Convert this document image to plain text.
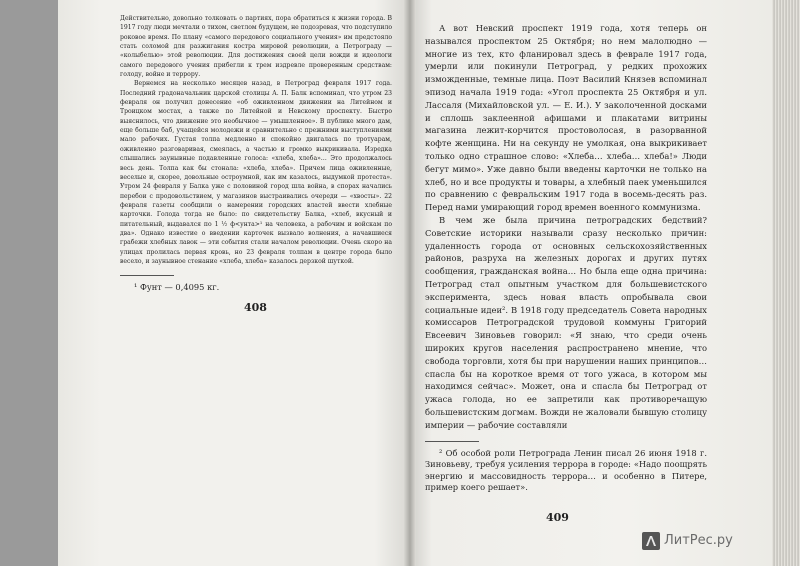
Действительно, довольно толковать о партиях, пора обратиться к жизни города. В 1917 году люди мечтали о тихом, светлом будущем, не подозревая, что подступило роковое время. По плану «самого передового социального учения» им предстояло стать соломой для разжигания костра мировой революции, а Петрограду — «колыбелью» этой революции. Для достижения своей цели вожди и идеологи самого передового учения прибегли к трем издревле проверенным средствам: голоду, войне и террору.

Вернемся на несколько месяцев назад, в Петроград февраля 1917 года. Последний градоначальник царской столицы А. П. Балк вспоминал, что утром 23 февраля он получил донесение «об оживленном движении на Литейном и Троицком мостах, а также по Литейной и Невскому проспекту. Быстро выяснилось, что движение это необычное — умышленное». В публике много дам, еще больше баб, учащейся молодежи и сравнительно с прежними выступлениями мало рабочих. Густая толпа медленно и спокойно двигалась по тротуарам, оживленно разговаривая, смеялась, а частью и громко выкрикивала. Изредка слышались заунывные подавленные голоса: «хлеба, хлеба»… Это продолжалось весь день. Толпа как бы стонала: «хлеба, хлеба». Причем лица оживленные, веселые и, скорее, довольные остроумной, как им казалось, выдумкой протеста». Утром 24 февраля у Балка уже с половиной город шла война, в спорах начались перебои с продовольствием, у магазинов выстраивались очереди — «хвосты». 22 февраля газеты сообщили о намерении городских властей ввести хлебные карточки. Голода тогда не было: по свидетельству Балка, «хлеб, вкусный и питательный, выдавался по 1 ½ ф<унта>¹ на человека, а рабочим и войскам по два». Однако известие о введении карточек вызвало волнения, а начавшиеся грабежи хлебных лавок — эти события стали началом революции. Очень скоро на улицах пролилась первая кровь, но 23 февраля толпам в центре города было весело, и заунывное стенание «хлеба, хлеба» казалось дерзкой шуткой.

¹ Фунт — 0,4095 кг.

408

А вот Невский проспект 1919 года, хотя теперь он назывался проспектом 25 Октября; но нем малолюдно — многие из тех, кто фланировал здесь в феврале 1917 года, умерли или покинули Петроград, у редких прохожих изможденные, темные лица. Поэт Василий Князев вспоминал эпизод начала 1919 года: «Угол проспекта 25 Октября и ул. Лассаля (Михайловской ул. — Е. И.). У заколоченной досками и сплошь заклеенной афишами и плакатами витрины магазина лежит-корчится простоволосая, в разорванной кофте женщина. Ни на секунду не умолкая, она выкрикивает только одно страшное слово: «Хлеба… хлеба… хлеба!» Люди бегут мимо». Уже давно были введены карточки не только на хлеб, но и все продукты и товары, а хлебный паек уменьшился по сравнению с февральским 1917 года в восемь-десять раз. Перед нами умирающий город времен военного коммунизма.

В чем же была причина петроградских бедствий? Советские историки называли сразу несколько причин: удаленность города от основных сельскохозяйственных районов, разруха на железных дорогах и других путях сообщения, гражданская война… Но была еще одна причина: Петроград стал опытным участком для большевистского эксперимента, здесь новая власть опробывала свои социальные идеи². В 1918 году председатель Совета народных комиссаров Петроградской трудовой коммуны Григорий Евсеевич Зиновьев говорил: «Я знаю, что среди очень широких кругов населения распространено мнение, что свобода торговли, хотя бы при нарушении наших принципов… спасла бы на короткое время от того ужаса, в котором мы находимся сейчас». Может, она и спасла бы Петроград от ужаса голода, но ее запретили как противоречащую большевистским догмам. Вожди не жаловали бывшую столицу империи — рабочие составляли

² Об особой роли Петрограда Ленин писал 26 июня 1918 г. Зиновьеву, требуя усиления террора в городе: «Надо поощрять энергию и массовидность террора… и особенно в Питере, пример коего решает».

409
ЛитРес.ру
